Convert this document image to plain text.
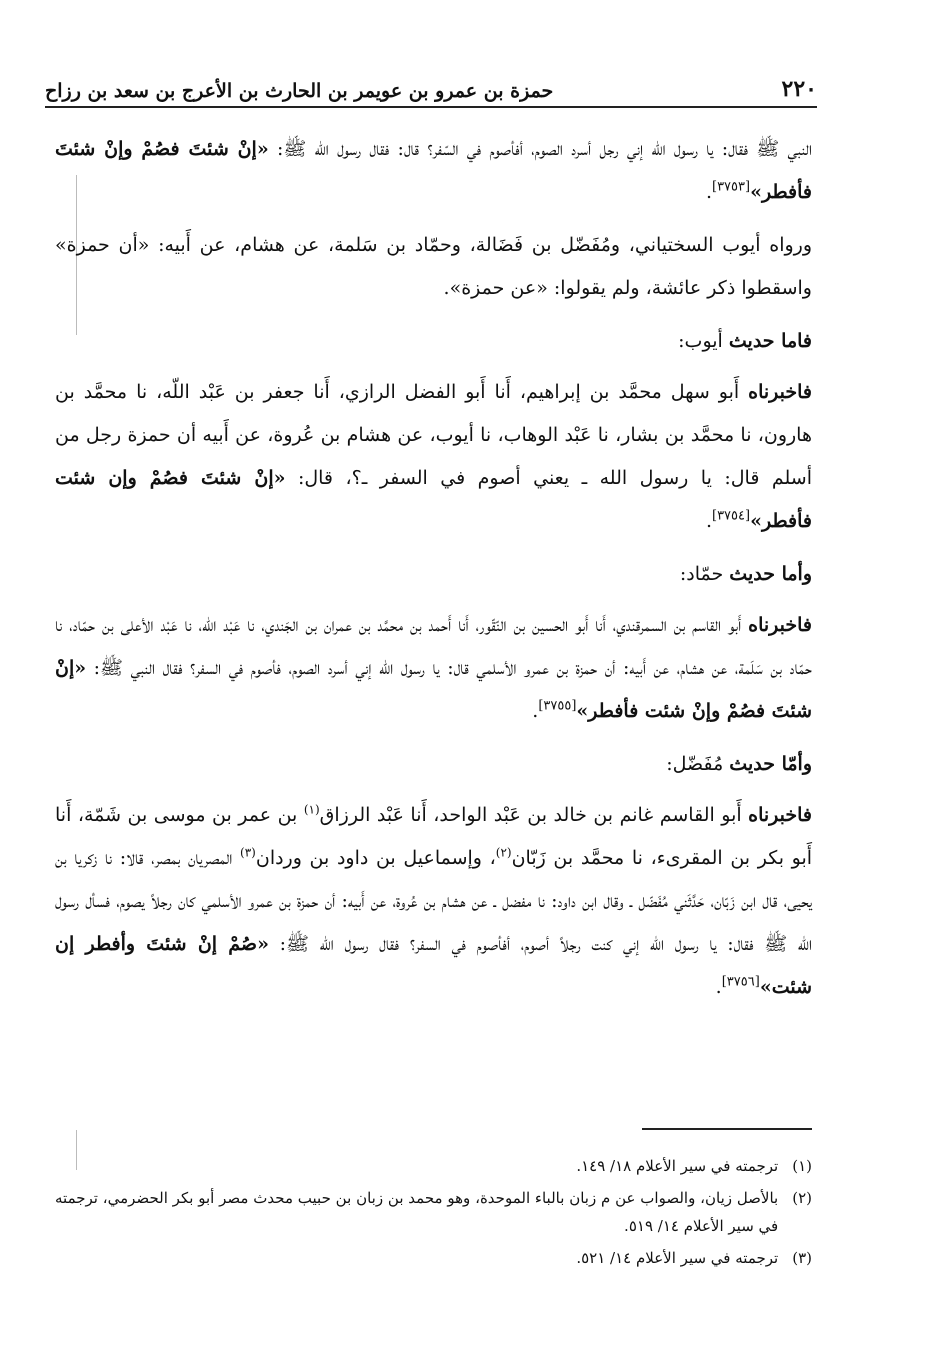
٢٢٠
حمزة بن عمرو بن عويمر بن الحارث بن الأعرج بن سعد بن رزاح

النبي ﷺ فقال: يا رسول الله إني رجل أسرد الصوم، أفأصوم في السّفر؟ قال: فقال رسول الله ﷺ: «إنْ شئتَ فصُمْ وإنْ شئتَ فأفطر»[٣٧٥٣].

ورواه أيوب السختياني، ومُفَضّل بن فَضَالة، وحمّاد بن سَلمة، عن هشام، عن أَبيه: «أن حمزة» واسقطوا ذكر عائشة، ولم يقولوا: «عن حمزة».

فاما حديث أيوب:

فاخبرناه أَبو سهل محمَّد بن إبراهيم، أَنا أَبو الفضل الرازي، أَنا جعفر بن عَبْد اللّه، نا محمَّد بن هارون، نا محمَّد بن بشار، نا عَبْد الوهاب، نا أيوب، عن هشام بن عُروة، عن أَبيه أن حمزة رجل من أسلم قال: يا رسول الله ـ يعني أصوم في السفر ـ؟، قال: «إنْ شئتَ فصُمْ وإن شئت فأفطر»[٣٧٥٤].

وأما حديث حمّاد:

فاخبرناه أَبو القاسم بن السمرقندي، أَنا أَبو الحسين بن النّقّور، أَنا أَحمد بن محمَّد بن عمران بن الجَندي، نا عَبْد اللّه، نا عَبْد الأعلى بن حمّاد، نا حمّاد بن سَلَمة، عن هشام، عن أَبيه: أن حمزة بن عمرو الأسلمي قال: يا رسول الله إني أسرد الصوم، فأصوم في السفر؟ فقال النبي ﷺ: «إنْ شئتَ فصُمْ وإنْ شئت فأفطر»[٣٧٥٥].

وأمّا حديث مُفَضّل:

فاخبرناه أَبو القاسم غانم بن خالد بن عَبْد الواحد، أَنا عَبْد الرزاق$^{(١)}$ بن عمر بن موسى بن شَمّة، أَنا أَبو بكر بن المقرىء، نا محمَّد بن زَبّان$^{(٢)}$، وإسماعيل بن داود بن وردان$^{(٣)}$ المصريان بمصر، قالا: نا زكريا بن يحيى، قال ابن زَبّان، حَدَّثَني مُفَضّل ـ وقال ابن داود: نا مفضل ـ عن هشام بن عُروة، عن أَبيه: أن حمزة بن عمرو الأسلمي كان رجلاً يصوم، فسأل رسول الله ﷺ فقال: يا رسول الله إني كنت رجلاً أصوم، أفأصوم في السفر؟ فقال رسول الله ﷺ: «صُمْ إنْ شئتَ وأفطر إن شئت»[٣٧٥٦].

(١)
ترجمته في سير الأعلام ١٨/ ١٤٩.
(٢)
بالأصل زيان، والصواب عن م زبان بالباء الموحدة، وهو محمد بن زبان بن حبيب محدث مصر أبو بكر الحضرمي، ترجمته في سير الأعلام ١٤/ ٥١٩.
(٣)
ترجمته في سير الأعلام ١٤/ ٥٢١.
